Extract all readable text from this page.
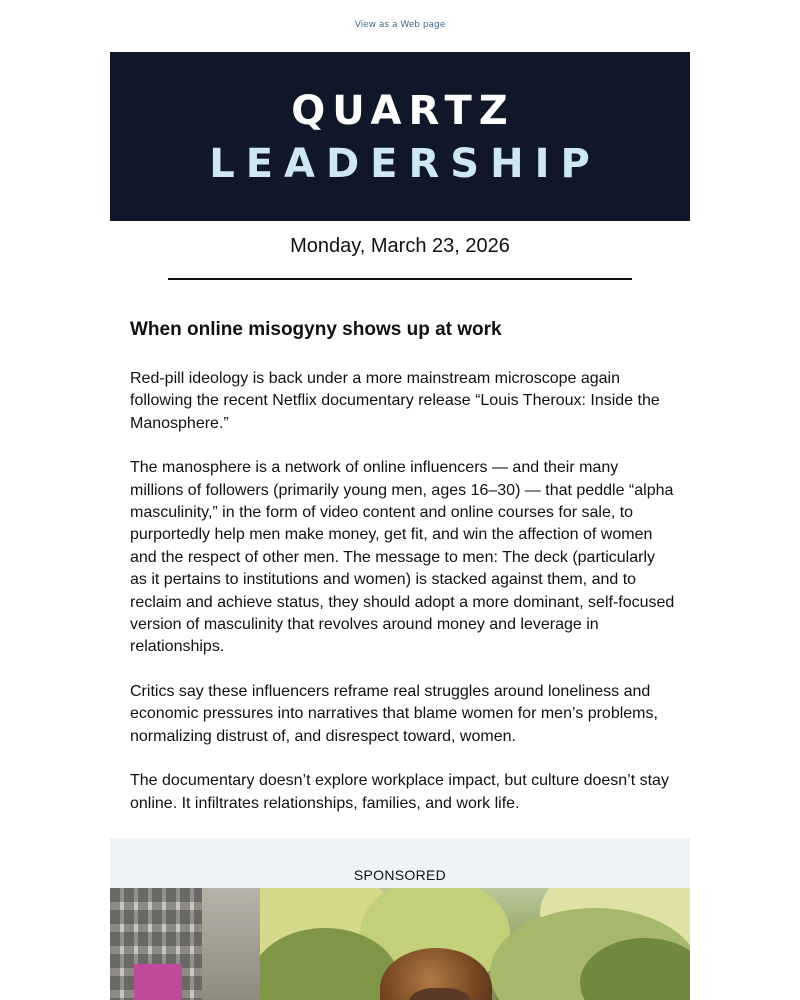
View as a Web page
QUARTZ
LEADERSHIP
Monday, March 23, 2026
When online misogyny shows up at work

Red-pill ideology is back under a more mainstream microscope again following the recent Netflix documentary release “Louis Theroux: Inside the Manosphere.”

The manosphere is a network of online influencers — and their many millions of followers (primarily young men, ages 16–30) — that peddle “alpha masculinity,” in the form of video content and online courses for sale, to purportedly help men make money, get fit, and win the affection of women and the respect of other men. The message to men: The deck (particularly as it pertains to institutions and women) is stacked against them, and to reclaim and achieve status, they should adopt a more dominant, self-focused version of masculinity that revolves around money and leverage in relationships.

Critics say these influencers reframe real struggles around loneliness and economic pressures into narratives that blame women for men’s problems, normalizing distrust of, and disrespect toward, women.

The documentary doesn’t explore workplace impact, but culture doesn’t stay online. It infiltrates relationships, families, and work life.

SPONSORED
